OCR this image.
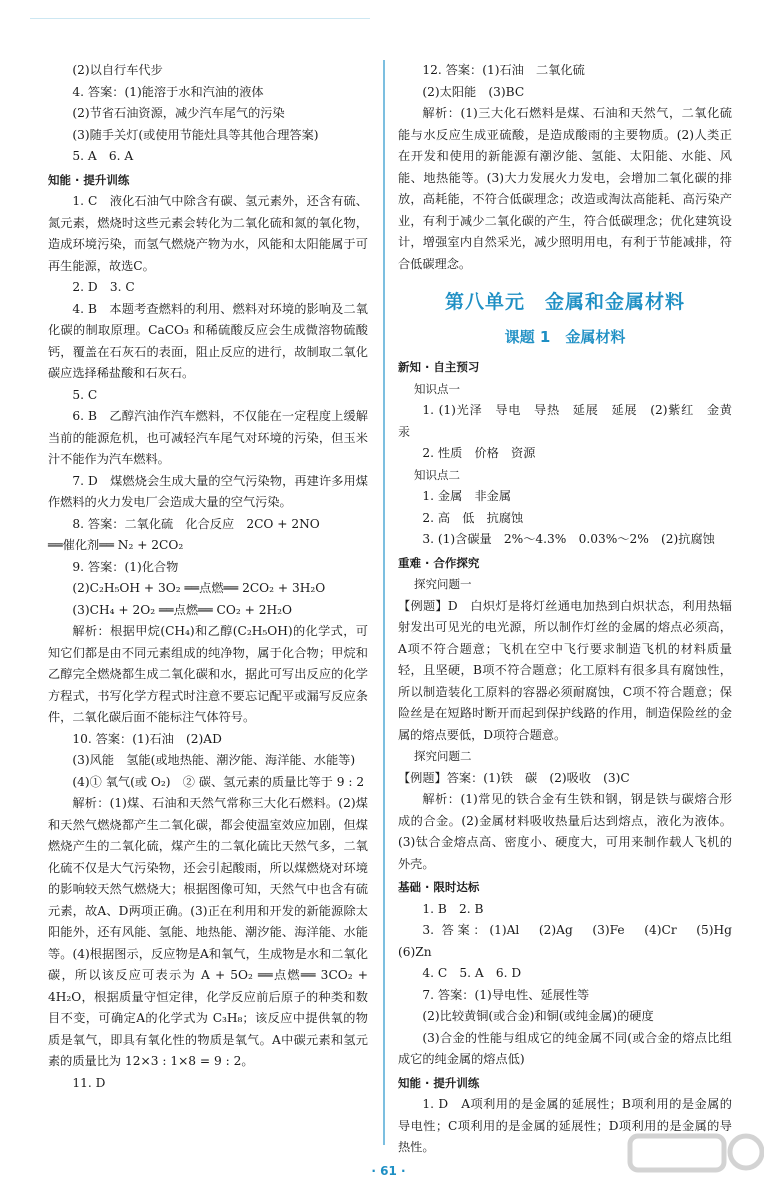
(2)以自行车代步
4. 答案：(1)能溶于水和汽油的液体
(2)节省石油资源，减少汽车尾气的污染
(3)随手关灯(或使用节能灶具等其他合理答案)
5. A　6. A
知能 · 提升训练
1. C　液化石油气中除含有碳、氢元素外，还含有硫、氮元素，燃烧时这些元素会转化为二氧化硫和氮的氧化物，造成环境污染，而氢气燃烧产物为水，风能和太阳能属于可再生能源，故选C。
2. D　3. C
4. B　本题考查燃料的利用、燃料对环境的影响及二氧化碳的制取原理。CaCO₃ 和稀硫酸反应会生成微溶物硫酸钙，覆盖在石灰石的表面，阻止反应的进行，故制取二氧化碳应选择稀盐酸和石灰石。
5. C
6. B　乙醇汽油作汽车燃料，不仅能在一定程度上缓解当前的能源危机，也可减轻汽车尾气对环境的污染，但玉米汁不能作为汽车燃料。
7. D　煤燃烧会生成大量的空气污染物，再建许多用煤作燃料的火力发电厂会造成大量的空气污染。
8. 答案：二氧化硫　化合反应　2CO + 2NO
══催化剂══ N₂ + 2CO₂
9. 答案：(1)化合物
(2)C₂H₅OH + 3O₂ ══点燃══ 2CO₂ + 3H₂O
(3)CH₄ + 2O₂ ══点燃══ CO₂ + 2H₂O
解析：根据甲烷(CH₄)和乙醇(C₂H₅OH)的化学式，可知它们都是由不同元素组成的纯净物，属于化合物；甲烷和乙醇完全燃烧都生成二氧化碳和水，据此可写出反应的化学方程式，书写化学方程式时注意不要忘记配平或漏写反应条件，二氧化碳后面不能标注气体符号。
10. 答案：(1)石油　(2)AD
(3)风能　氢能(或地热能、潮汐能、海洋能、水能等)
(4)① 氧气(或 O₂)　② 碳、氢元素的质量比等于 9 : 2
解析：(1)煤、石油和天然气常称三大化石燃料。(2)煤和天然气燃烧都产生二氧化碳，都会使温室效应加剧，但煤燃烧产生的二氧化硫，煤产生的二氧化硫比天然气多，二氧化硫不仅是大气污染物，还会引起酸雨，所以煤燃烧对环境的影响较天然气燃烧大；根据图像可知，天然气中也含有硫元素，故A、D两项正确。(3)正在利用和开发的新能源除太阳能外，还有风能、氢能、地热能、潮汐能、海洋能、水能等。(4)根据图示，反应物是A和氧气，生成物是水和二氧化碳，所以该反应可表示为 A + 5O₂ ══点燃══ 3CO₂ + 4H₂O，根据质量守恒定律，化学反应前后原子的种类和数目不变，可确定A的化学式为 C₃H₈；该反应中提供氧的物质是氧气，即具有氧化性的物质是氧气。A中碳元素和氢元素的质量比为 12×3 : 1×8 = 9 : 2。
11. D
12. 答案：(1)石油　二氧化硫
(2)太阳能　(3)BC
解析：(1)三大化石燃料是煤、石油和天然气，二氧化硫能与水反应生成亚硫酸，是造成酸雨的主要物质。(2)人类正在开发和使用的新能源有潮汐能、氢能、太阳能、水能、风能、地热能等。(3)大力发展火力发电，会增加二氧化碳的排放，高耗能，不符合低碳理念；改造或淘汰高能耗、高污染产业，有利于减少二氧化碳的产生，符合低碳理念；优化建筑设计，增强室内自然采光，减少照明用电，有利于节能减排，符合低碳理念。
第八单元　金属和金属材料
课题 1　金属材料
新知 · 自主预习
知识点一
1. (1)光泽　导电　导热　延展　延展　(2)紫红　金黄　汞
2. 性质　价格　资源
知识点二
1. 金属　非金属
2. 高　低　抗腐蚀
3. (1)含碳量　2%～4.3%　0.03%～2%　(2)抗腐蚀
重难 · 合作探究
探究问题一
【例题】D　白炽灯是将灯丝通电加热到白炽状态，利用热辐射发出可见光的电光源，所以制作灯丝的金属的熔点必须高，A项不符合题意；飞机在空中飞行要求制造飞机的材料质量轻，且坚硬，B项不符合题意；化工原料有很多具有腐蚀性，所以制造装化工原料的容器必须耐腐蚀，C项不符合题意；保险丝是在短路时断开而起到保护线路的作用，制造保险丝的金属的熔点要低，D项符合题意。
探究问题二
【例题】答案：(1)铁　碳　(2)吸收　(3)C
解析：(1)常见的铁合金有生铁和钢，钢是铁与碳熔合形成的合金。(2)金属材料吸收热量后达到熔点，液化为液体。(3)钛合金熔点高、密度小、硬度大，可用来制作载人飞机的外壳。
基础 · 限时达标
1. B　2. B
3. 答案：(1)Al　(2)Ag　(3)Fe　(4)Cr　(5)Hg　(6)Zn
4. C　5. A　6. D
7. 答案：(1)导电性、延展性等
(2)比较黄铜(或合金)和铜(或纯金属)的硬度
(3)合金的性能与组成它的纯金属不同(或合金的熔点比组成它的纯金属的熔点低)
知能 · 提升训练
1. D　A项利用的是金属的延展性；B项利用的是金属的导电性；C项利用的是金属的延展性；D项利用的是金属的导热性。
· 61 ·
